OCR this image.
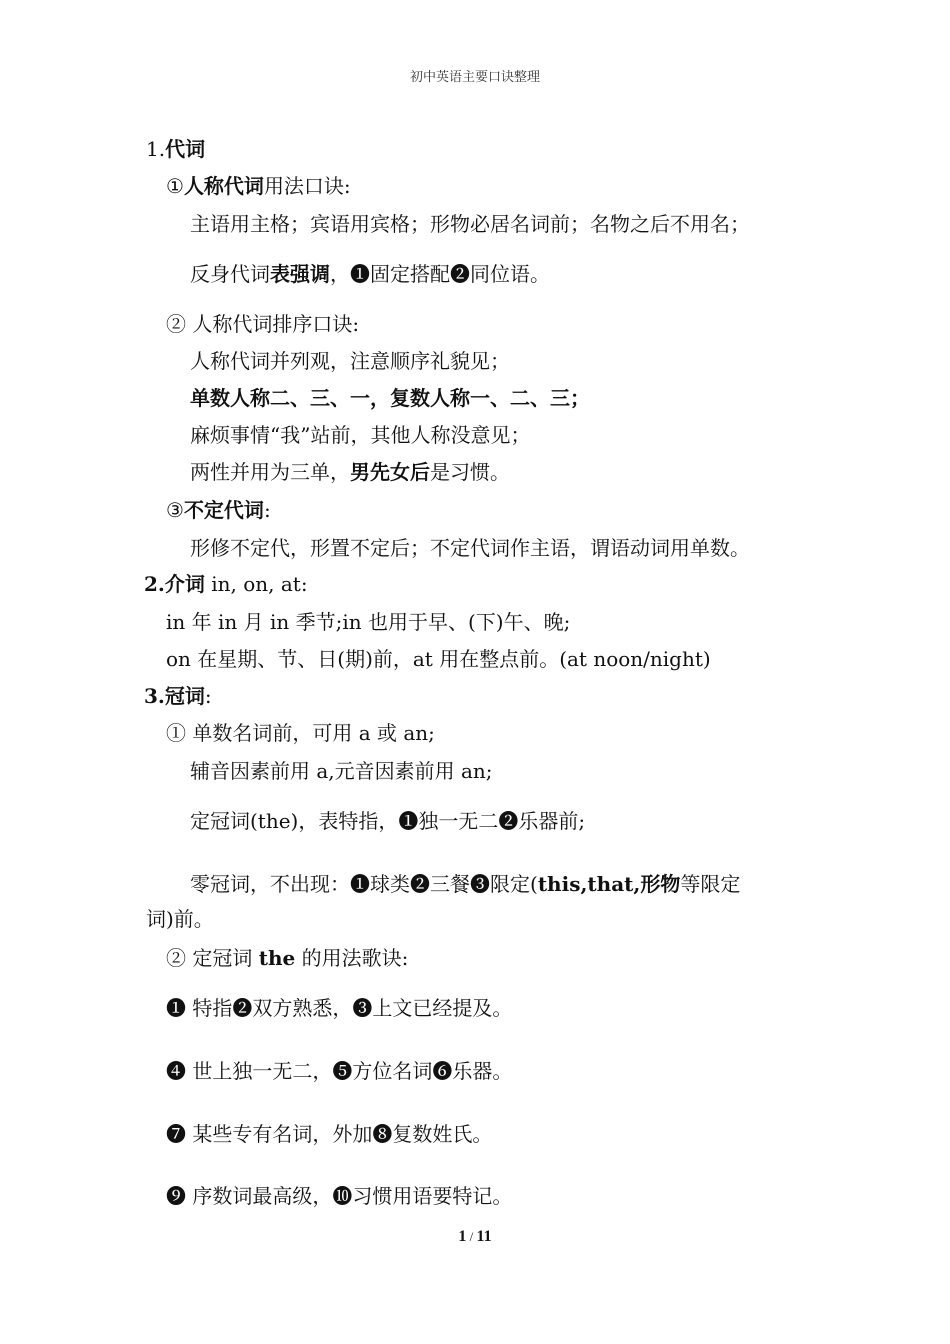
初中英语主要口诀整理
1.代词
①人称代词用法口诀:
主语用主格；宾语用宾格；形物必居名词前；名物之后不用名；
反身代词表强调，❶固定搭配❷同位语。
② 人称代词排序口诀:
人称代词并列观，注意顺序礼貌见；
单数人称二、三、一，复数人称一、二、三；
麻烦事情“我”站前，其他人称没意见；
两性并用为三单，男先女后是习惯。
③不定代词:
形修不定代，形置不定后；不定代词作主语，谓语动词用单数。
2.介词 in, on, at:
in 年 in 月 in 季节;in 也用于早、(下)午、晚;
on 在星期、节、日(期)前，at 用在整点前。(at noon/night)
3.冠词:
① 单数名词前，可用 a 或 an;
辅音因素前用 a,元音因素前用 an;
定冠词(the)，表特指，❶独一无二❷乐器前;
零冠词，不出现：❶球类❷三餐❸限定(this,that,形物等限定
词)前。
② 定冠词 the 的用法歌诀:
❶ 特指❷双方熟悉，❸上文已经提及。
❹ 世上独一无二，❺方位名词❻乐器。
❼ 某些专有名词，外加❽复数姓氏。
❾ 序数词最高级，❿习惯用语要特记。
1 / 11
